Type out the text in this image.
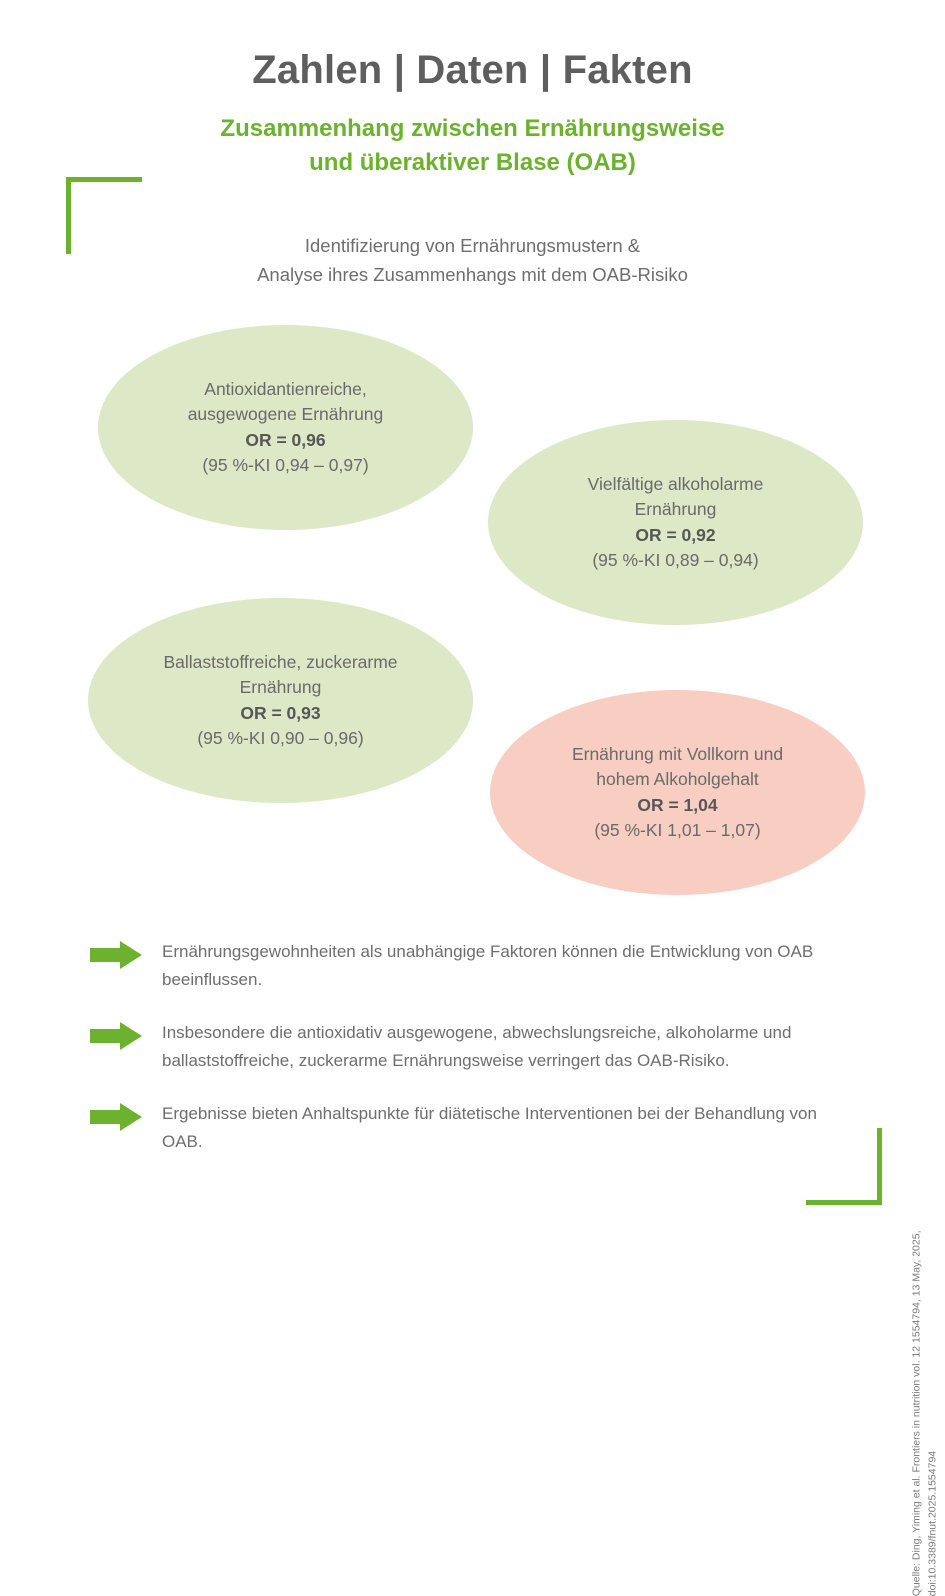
Zahlen | Daten | Fakten
Zusammenhang zwischen Ernährungsweise
und überaktiver Blase (OAB)
Identifizierung von Ernährungsmustern &
Analyse ihres Zusammenhangs mit dem OAB-Risiko
Antioxidantienreiche,
ausgewogene Ernährung
OR = 0,96
(95 %-KI 0,94 – 0,97)
Vielfältige alkoholarme
Ernährung
OR = 0,92
(95 %-KI 0,89 – 0,94)
Ballaststoffreiche, zuckerarme
Ernährung
OR = 0,93
(95 %-KI 0,90 – 0,96)
Ernährung mit Vollkorn und
hohem Alkoholgehalt
OR = 1,04
(95 %-KI 1,01 – 1,07)
Ernährungsgewohnheiten als unabhängige Faktoren können die Entwicklung von OAB beeinflussen.
Insbesondere die antioxidativ ausgewogene, abwechslungsreiche, alkoholarme und ballaststoffreiche, zuckerarme Ernährungsweise verringert das OAB-Risiko.
Ergebnisse bieten Anhaltspunkte für diätetische Interventionen bei der Behandlung von OAB.
Quelle: Ding, Yiming et al. Frontiers in nutrition vol. 12 1554794, 13 May, 2025, doi:10.3389/fnut.2025.1554794
